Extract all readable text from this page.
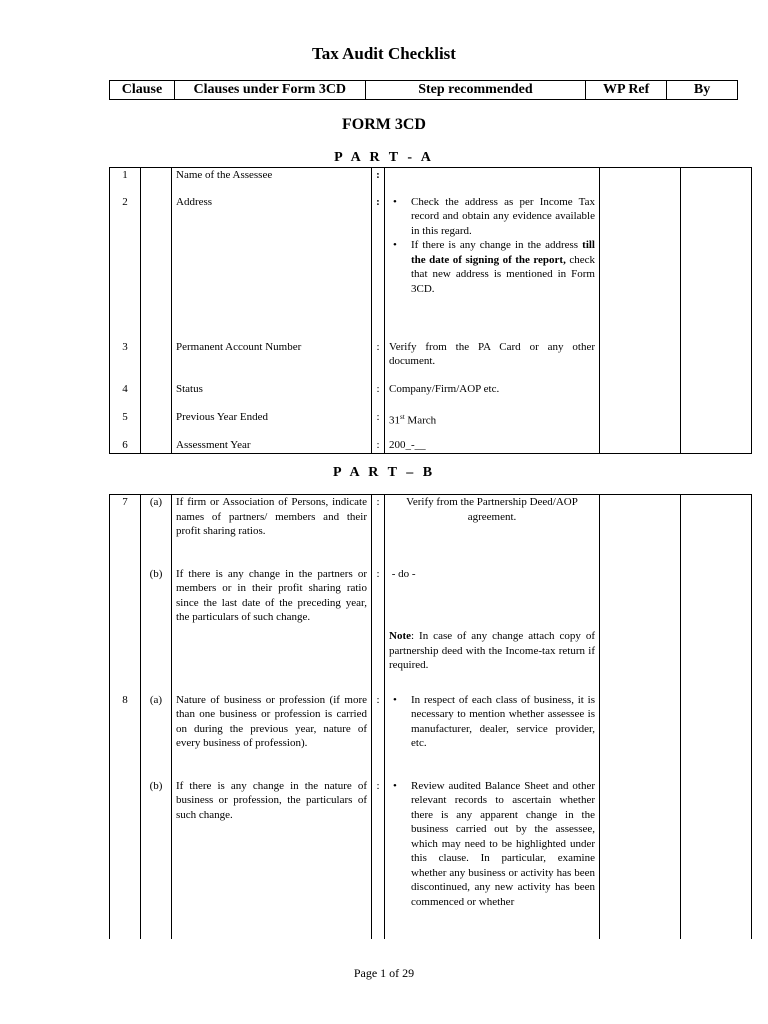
Tax Audit Checklist
Clause	Clauses under Form 3CD	Step recommended	WP Ref	By
FORM 3CD
P A R T - A
1		Name of the Assessee	:			
2		Address	:	• Check the address as per Income Tax record and obtain any evidence available in this regard.
• If there is any change in the address till the date of signing of the report, check that new address is mentioned in Form 3CD.

3		Permanent Account Number	:	Verify from the PA Card or any other document.		
4		Status	:	Company/Firm/AOP etc.		
5		Previous Year Ended	:	31st March		
6		Assessment Year	:	200_-__		
P A R T – B
7	(a)	If firm or Association of Persons, indicate names of partners/ members and their profit sharing ratios.	:	Verify from the Partnership Deed/AOP agreement.		
	(b)	If there is any change in the partners or members or in their profit sharing ratio since the last date of the preceding year, the particulars of such change.	:	- do -
Note: In case of any change attach copy of partnership deed with the Income-tax return if required.		

8	(a)	Nature of business or profession (if more than one business or profession is carried on during the previous year, nature of every business of profession).	:	• In respect of each class of business, it is necessary to mention whether assessee is manufacturer, dealer, service provider, etc.

	(b)	If there is any change in the nature of business or profession, the particulars of such change.	:	• Review audited Balance Sheet and other relevant records to ascertain whether there is any apparent change in the business carried out by the assessee, which may need to be highlighted under this clause. In particular, examine whether any business or activity has been discontinued, any new activity has been commenced or whether

Page 1 of 29
